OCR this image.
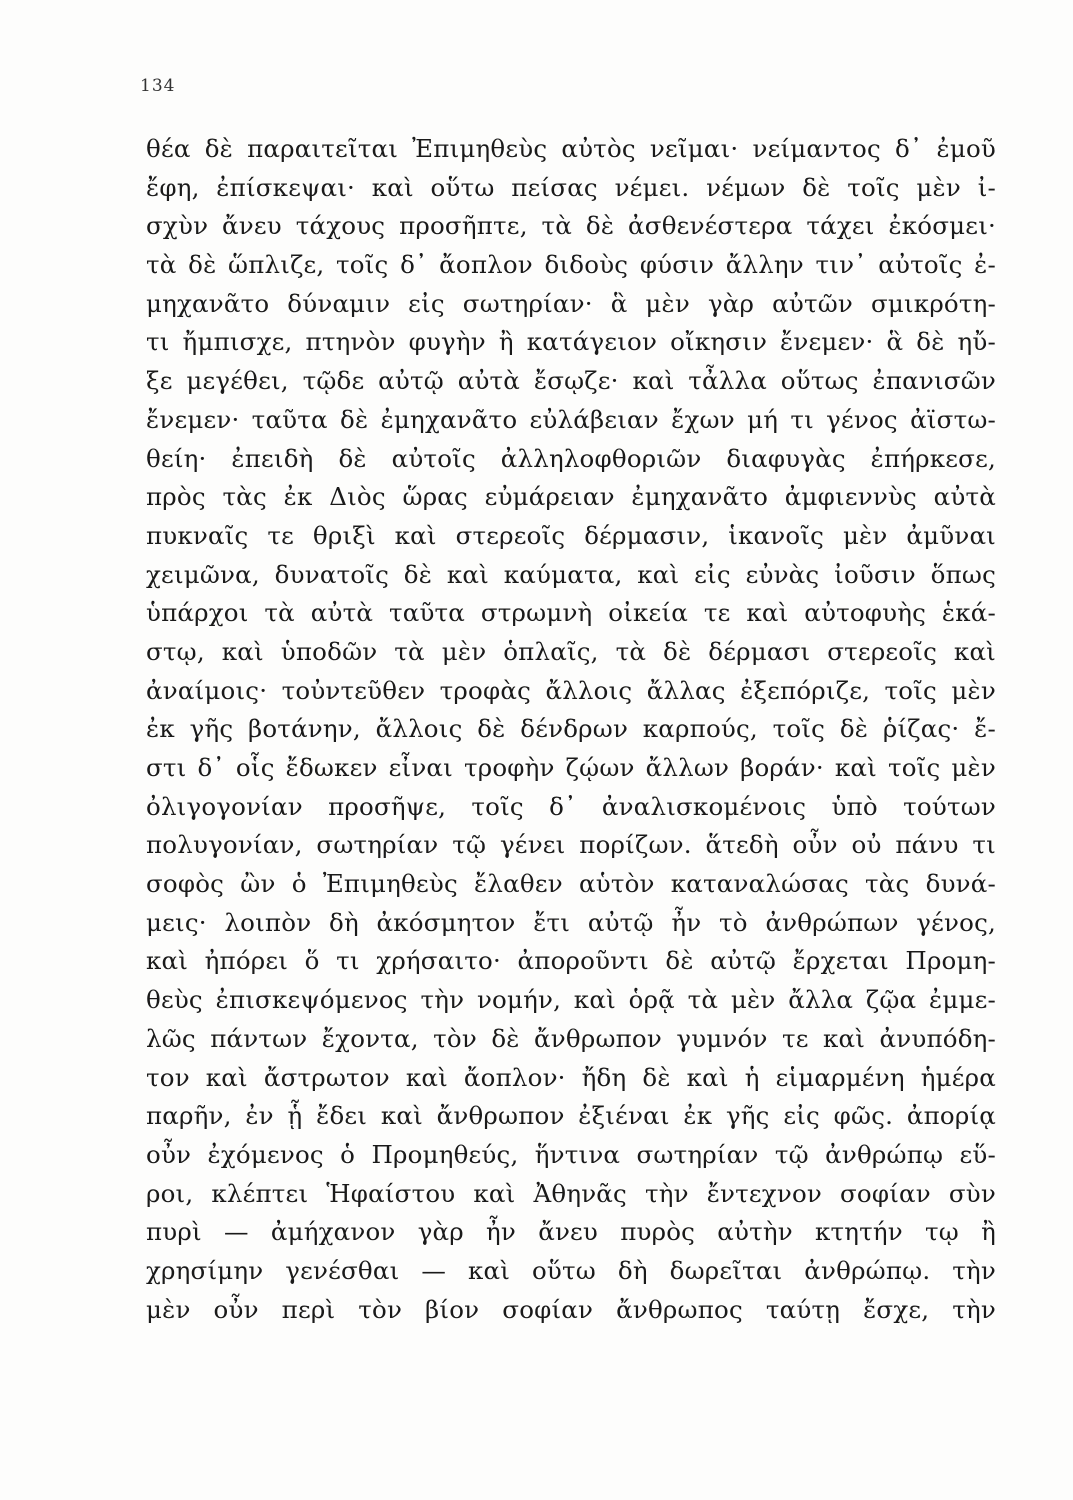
134
θέα δὲ παραιτεῖται Ἐπιμηθεὺς αὐτὸς νεῖμαι· νείμαντος δ᾽ ἐμοῦ
ἔφη, ἐπίσκεψαι· καὶ οὕτω πείσας νέμει. νέμων δὲ τοῖς μὲν ἰ-
σχὺν ἄνευ τάχους προσῆπτε, τὰ δὲ ἀσθενέστερα τάχει ἐκόσμει·
τὰ δὲ ὥπλιζε, τοῖς δ᾽ ἄοπλον διδοὺς φύσιν ἄλλην τιν᾽ αὐτοῖς ἐ-
μηχανᾶτο δύναμιν εἰς σωτηρίαν· ἃ μὲν γὰρ αὐτῶν σμικρότη-
τι ἤμπισχε, πτηνὸν φυγὴν ἢ κατάγειον οἴκησιν ἔνεμεν· ἃ δὲ ηὔ-
ξε μεγέθει, τῷδε αὐτῷ αὐτὰ ἔσῳζε· καὶ τἆλλα οὕτως ἐπανισῶν
ἔνεμεν· ταῦτα δὲ ἐμηχανᾶτο εὐλάβειαν ἔχων μή τι γένος ἀϊστω-
θείη· ἐπειδὴ δὲ αὐτοῖς ἀλληλοφθοριῶν διαφυγὰς ἐπήρκεσε,
πρὸς τὰς ἐκ Διὸς ὥρας εὐμάρειαν ἐμηχανᾶτο ἀμφιεννὺς αὐτὰ
πυκναῖς τε θριξὶ καὶ στερεοῖς δέρμασιν, ἱκανοῖς μὲν ἀμῦναι
χειμῶνα, δυνατοῖς δὲ καὶ καύματα, καὶ εἰς εὐνὰς ἰοῦσιν ὅπως
ὑπάρχοι τὰ αὐτὰ ταῦτα στρωμνὴ οἰκεία τε καὶ αὐτοφυὴς ἑκά-
στῳ, καὶ ὑποδῶν τὰ μὲν ὁπλαῖς, τὰ δὲ δέρμασι στερεοῖς καὶ
ἀναίμοις· τοὐντεῦθεν τροφὰς ἄλλοις ἄλλας ἐξεπόριζε, τοῖς μὲν
ἐκ γῆς βοτάνην, ἄλλοις δὲ δένδρων καρπούς, τοῖς δὲ ῥίζας· ἔ-
στι δ᾽ οἷς ἔδωκεν εἶναι τροφὴν ζῴων ἄλλων βοράν· καὶ τοῖς μὲν
ὀλιγογονίαν προσῆψε, τοῖς δ᾽ ἀναλισκομένοις ὑπὸ τούτων
πολυγονίαν, σωτηρίαν τῷ γένει πορίζων. ἅτεδὴ οὖν οὐ πάνυ τι
σοφὸς ὢν ὁ Ἐπιμηθεὺς ἔλαθεν αὑτὸν καταναλώσας τὰς δυνά-
μεις· λοιπὸν δὴ ἀκόσμητον ἔτι αὐτῷ ἦν τὸ ἀνθρώπων γένος,
καὶ ἠπόρει ὅ τι χρήσαιτο· ἀποροῦντι δὲ αὐτῷ ἔρχεται Προμη-
θεὺς ἐπισκεψόμενος τὴν νομήν, καὶ ὁρᾷ τὰ μὲν ἄλλα ζῷα ἐμμε-
λῶς πάντων ἔχοντα, τὸν δὲ ἄνθρωπον γυμνόν τε καὶ ἀνυπόδη-
τον καὶ ἄστρωτον καὶ ἄοπλον· ἤδη δὲ καὶ ἡ εἱμαρμένη ἡμέρα
παρῆν, ἐν ᾗ ἔδει καὶ ἄνθρωπον ἐξιέναι ἐκ γῆς εἰς φῶς. ἀπορίᾳ
οὖν ἐχόμενος ὁ Προμηθεύς, ἥντινα σωτηρίαν τῷ ἀνθρώπῳ εὕ-
ροι, κλέπτει Ἡφαίστου καὶ Ἀθηνᾶς τὴν ἔντεχνον σοφίαν σὺν
πυρὶ — ἀμήχανον γὰρ ἦν ἄνευ πυρὸς αὐτὴν κτητήν τῳ ἢ
χρησίμην γενέσθαι — καὶ οὕτω δὴ δωρεῖται ἀνθρώπῳ. τὴν
μὲν οὖν περὶ τὸν βίον σοφίαν ἄνθρωπος ταύτῃ ἔσχε, τὴν
